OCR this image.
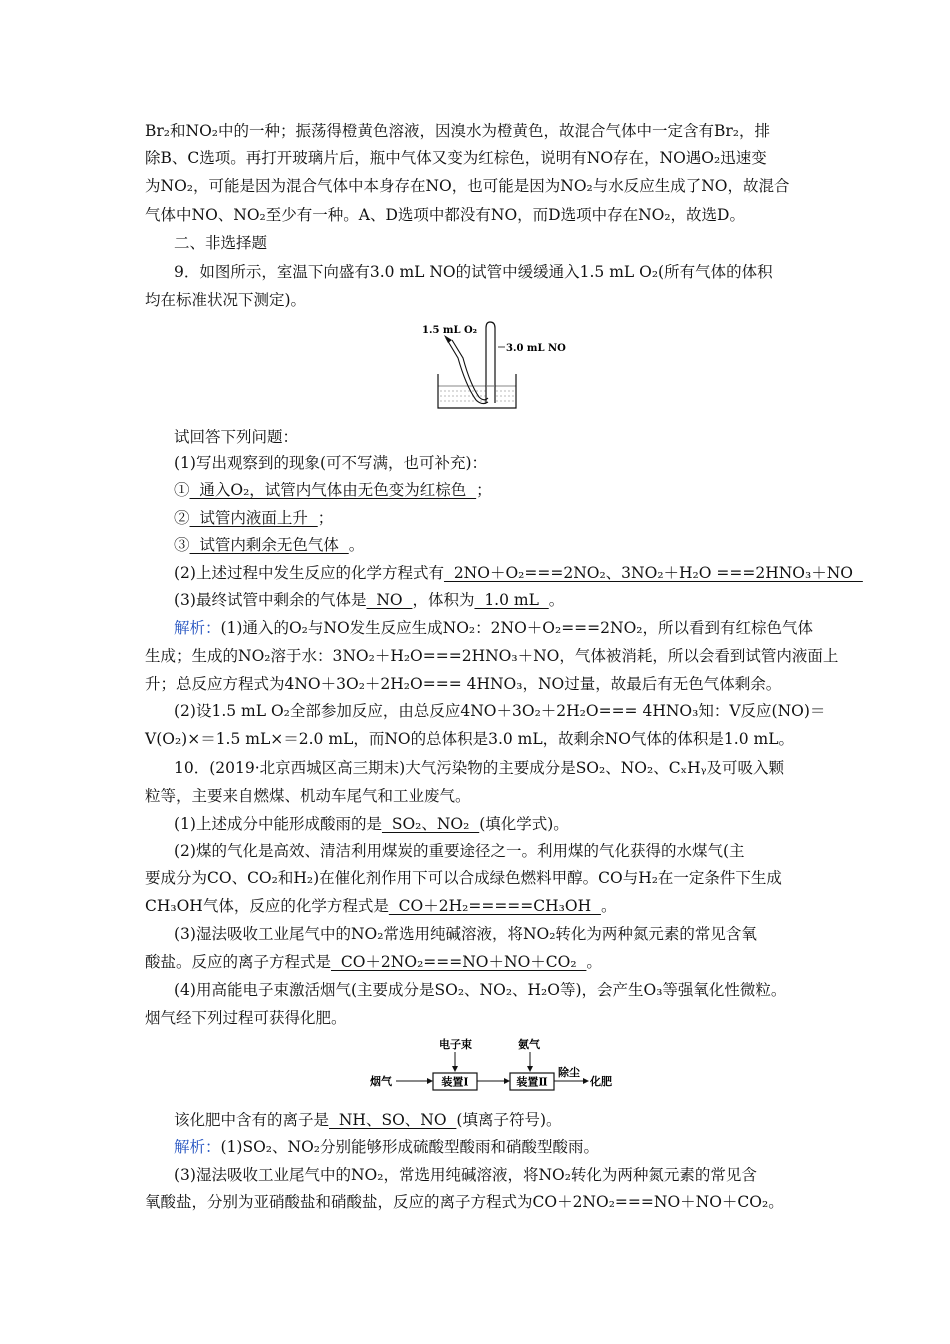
Br₂和NO₂中的一种；振荡得橙黄色溶液，因溴水为橙黄色，故混合气体中一定含有Br₂，排
除B、C选项。再打开玻璃片后，瓶中气体又变为红棕色，说明有NO存在，NO遇O₂迅速变
为NO₂，可能是因为混合气体中本身存在NO，也可能是因为NO₂与水反应生成了NO，故混合
气体中NO、NO₂至少有一种。A、D选项中都没有NO，而D选项中存在NO₂，故选D。
二、非选择题
9．如图所示，室温下向盛有3.0 mL NO的试管中缓缓通入1.5 mL O₂(所有气体的体积
均在标准状况下测定)。
1.5 mL O₂
3.0 mL NO
试回答下列问题：
(1)写出观察到的现象(可不写满，也可补充)：
①  通入O₂，试管内气体由无色变为红棕色  ；
②  试管内液面上升  ；
③  试管内剩余无色气体  。
(2)上述过程中发生反应的化学方程式有  2NO＋O₂===2NO₂、3NO₂＋H₂O ===2HNO₃＋NO
(3)最终试管中剩余的气体是  NO  ，体积为  1.0 mL  。
解析：(1)通入的O₂与NO发生反应生成NO₂：2NO＋O₂===2NO₂，所以看到有红棕色气体
生成；生成的NO₂溶于水：3NO₂＋H₂O===2HNO₃＋NO，气体被消耗，所以会看到试管内液面上
升；总反应方程式为4NO＋3O₂＋2H₂O=== 4HNO₃，NO过量，故最后有无色气体剩余。
(2)设1.5 mL O₂全部参加反应，由总反应4NO＋3O₂＋2H₂O=== 4HNO₃知：V反应(NO)＝
V(O₂)×＝1.5 mL×＝2.0 mL，而NO的总体积是3.0 mL，故剩余NO气体的体积是1.0 mL。
10．(2019·北京西城区高三期末)大气污染物的主要成分是SO₂、NO₂、CₓHᵧ及可吸入颗
粒等，主要来自燃煤、机动车尾气和工业废气。
(1)上述成分中能形成酸雨的是  SO₂、NO₂  (填化学式)。
(2)煤的气化是高效、清洁利用煤炭的重要途径之一。利用煤的气化获得的水煤气(主
要成分为CO、CO₂和H₂)在催化剂作用下可以合成绿色燃料甲醇。CO与H₂在一定条件下生成
CH₃OH气体，反应的化学方程式是  CO＋2H₂=====CH₃OH  。
(3)湿法吸收工业尾气中的NO₂常选用纯碱溶液，将NO₂转化为两种氮元素的常见含氧
酸盐。反应的离子方程式是  CO＋2NO₂===NO＋NO＋CO₂  。
(4)用高能电子束激活烟气(主要成分是SO₂、NO₂、H₂O等)，会产生O₃等强氧化性微粒。
烟气经下列过程可获得化肥。
电子束	氨气
烟气	装置Ⅰ	装置Ⅱ
除尘
化肥
该化肥中含有的离子是  NH、SO、NO  (填离子符号)。
解析：(1)SO₂、NO₂分别能够形成硫酸型酸雨和硝酸型酸雨。
(3)湿法吸收工业尾气中的NO₂，常选用纯碱溶液，将NO₂转化为两种氮元素的常见含
氧酸盐，分别为亚硝酸盐和硝酸盐，反应的离子方程式为CO＋2NO₂===NO＋NO＋CO₂。
